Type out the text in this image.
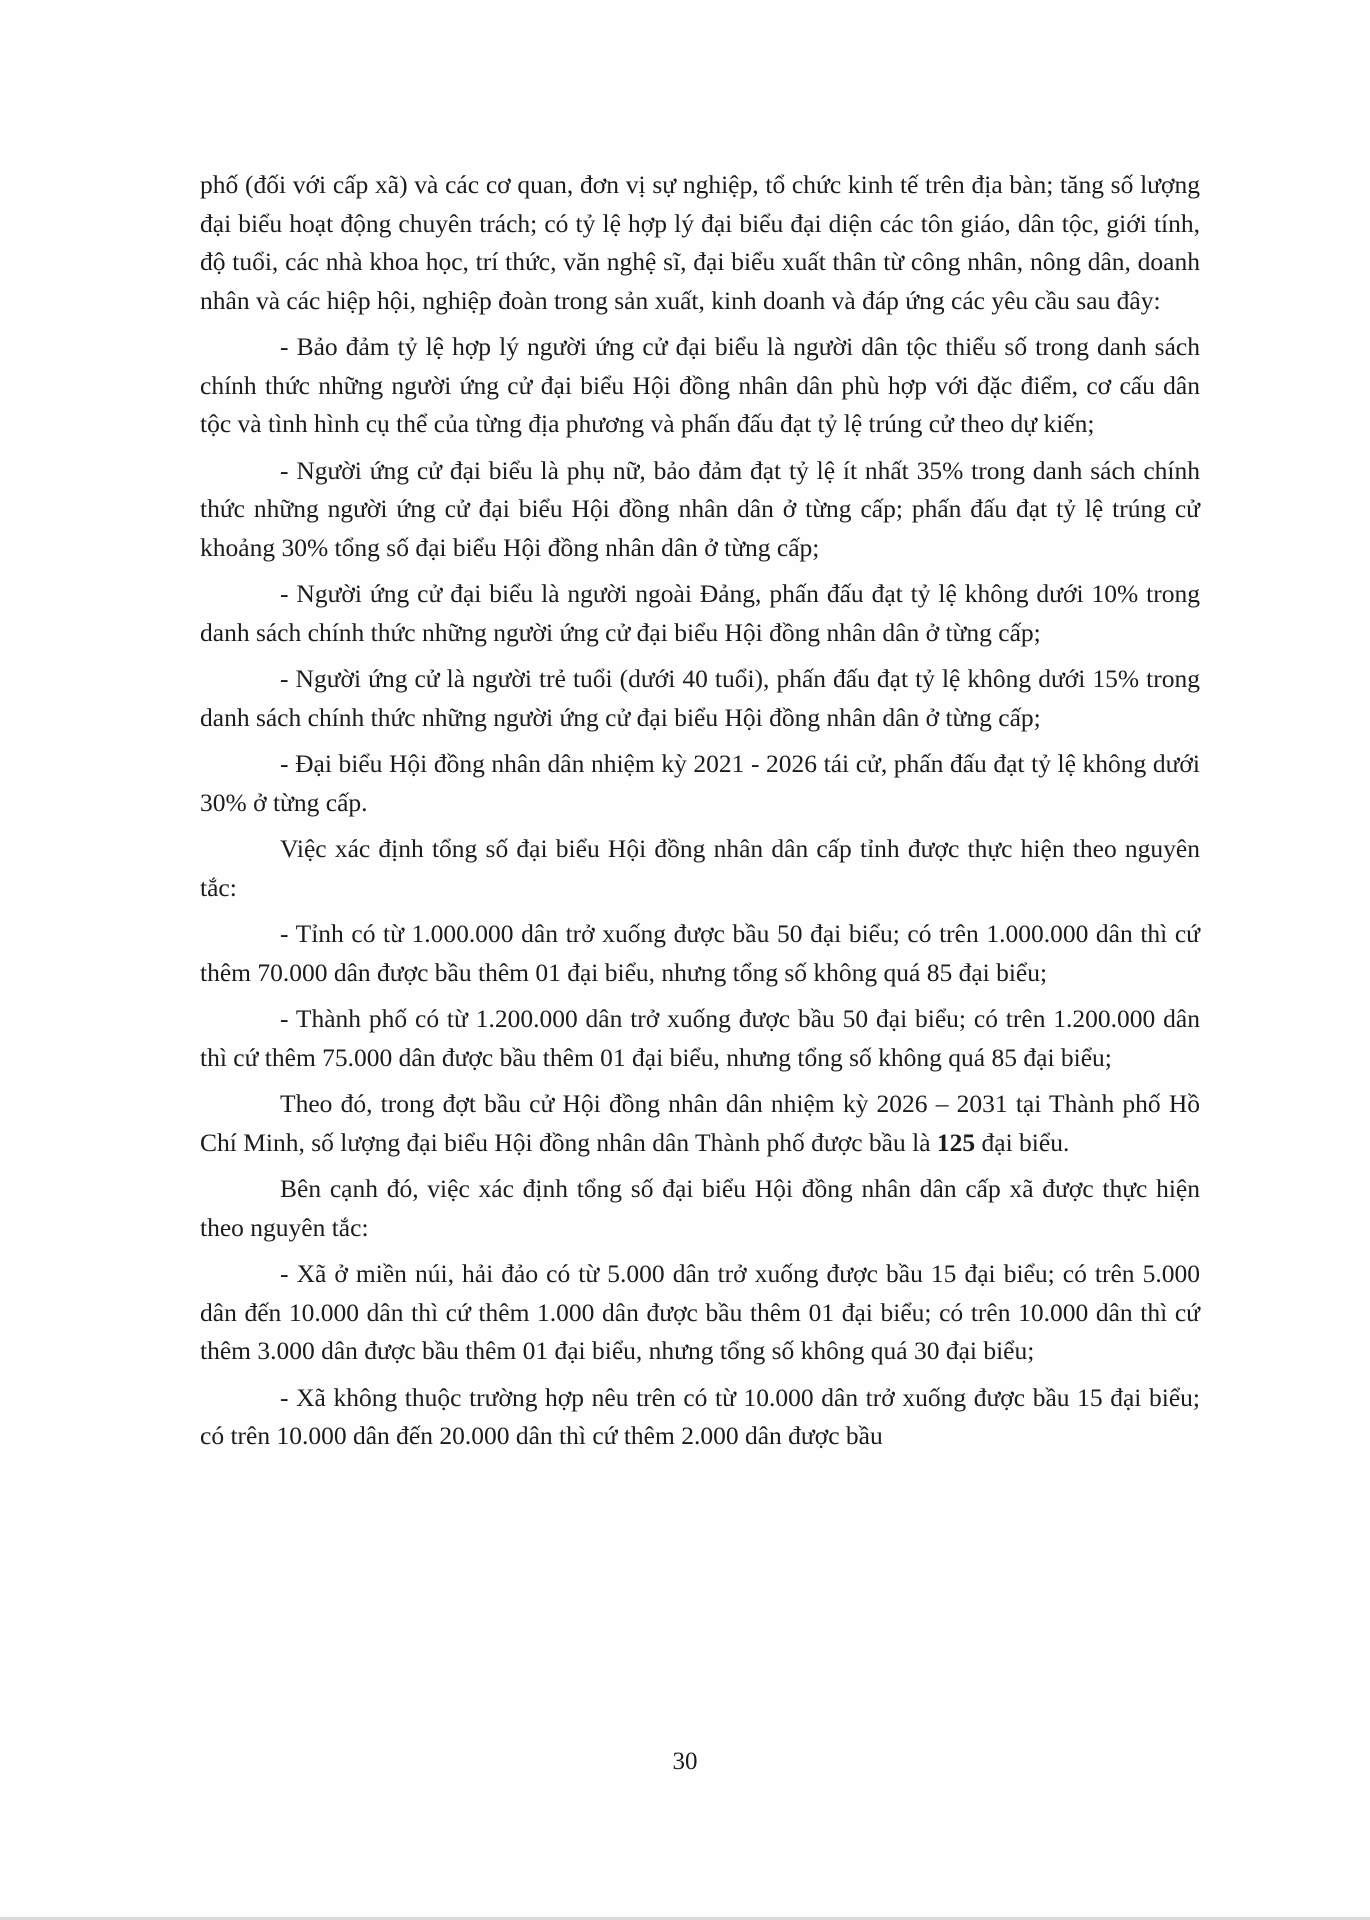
phố (đối với cấp xã) và các cơ quan, đơn vị sự nghiệp, tổ chức kinh tế trên địa bàn; tăng số lượng đại biểu hoạt động chuyên trách; có tỷ lệ hợp lý đại biểu đại diện các tôn giáo, dân tộc, giới tính, độ tuổi, các nhà khoa học, trí thức, văn nghệ sĩ, đại biểu xuất thân từ công nhân, nông dân, doanh nhân và các hiệp hội, nghiệp đoàn trong sản xuất, kinh doanh và đáp ứng các yêu cầu sau đây:

- Bảo đảm tỷ lệ hợp lý người ứng cử đại biểu là người dân tộc thiểu số trong danh sách chính thức những người ứng cử đại biểu Hội đồng nhân dân phù hợp với đặc điểm, cơ cấu dân tộc và tình hình cụ thể của từng địa phương và phấn đấu đạt tỷ lệ trúng cử theo dự kiến;

- Người ứng cử đại biểu là phụ nữ, bảo đảm đạt tỷ lệ ít nhất 35% trong danh sách chính thức những người ứng cử đại biểu Hội đồng nhân dân ở từng cấp; phấn đấu đạt tỷ lệ trúng cử khoảng 30% tổng số đại biểu Hội đồng nhân dân ở từng cấp;

- Người ứng cử đại biểu là người ngoài Đảng, phấn đấu đạt tỷ lệ không dưới 10% trong danh sách chính thức những người ứng cử đại biểu Hội đồng nhân dân ở từng cấp;

- Người ứng cử là người trẻ tuổi (dưới 40 tuổi), phấn đấu đạt tỷ lệ không dưới 15% trong danh sách chính thức những người ứng cử đại biểu Hội đồng nhân dân ở từng cấp;

- Đại biểu Hội đồng nhân dân nhiệm kỳ 2021 - 2026 tái cử, phấn đấu đạt tỷ lệ không dưới 30% ở từng cấp.

Việc xác định tổng số đại biểu Hội đồng nhân dân cấp tỉnh được thực hiện theo nguyên tắc:

- Tỉnh có từ 1.000.000 dân trở xuống được bầu 50 đại biểu; có trên 1.000.000 dân thì cứ thêm 70.000 dân được bầu thêm 01 đại biểu, nhưng tổng số không quá 85 đại biểu;

- Thành phố có từ 1.200.000 dân trở xuống được bầu 50 đại biểu; có trên 1.200.000 dân thì cứ thêm 75.000 dân được bầu thêm 01 đại biểu, nhưng tổng số không quá 85 đại biểu;

Theo đó, trong đợt bầu cử Hội đồng nhân dân nhiệm kỳ 2026 – 2031 tại Thành phố Hồ Chí Minh, số lượng đại biểu Hội đồng nhân dân Thành phố được bầu là 125 đại biểu.

Bên cạnh đó, việc xác định tổng số đại biểu Hội đồng nhân dân cấp xã được thực hiện theo nguyên tắc:

- Xã ở miền núi, hải đảo có từ 5.000 dân trở xuống được bầu 15 đại biểu; có trên 5.000 dân đến 10.000 dân thì cứ thêm 1.000 dân được bầu thêm 01 đại biểu; có trên 10.000 dân thì cứ thêm 3.000 dân được bầu thêm 01 đại biểu, nhưng tổng số không quá 30 đại biểu;

- Xã không thuộc trường hợp nêu trên có từ 10.000 dân trở xuống được bầu 15 đại biểu; có trên 10.000 dân đến 20.000 dân thì cứ thêm 2.000 dân được bầu

30
